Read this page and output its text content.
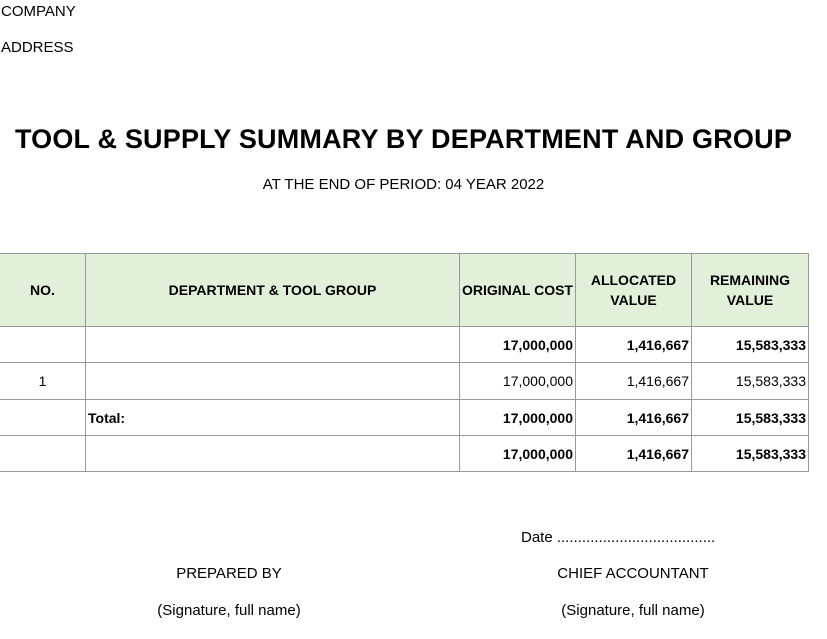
COMPANY
ADDRESS
TOOL & SUPPLY SUMMARY BY DEPARTMENT AND GROUP
AT THE END OF PERIOD: 04 YEAR 2022
NO.	DEPARTMENT & TOOL GROUP	ORIGINAL COST	ALLOCATED VALUE	REMAINING VALUE
		17,000,000	1,416,667	15,583,333
1		17,000,000	1,416,667	15,583,333
	Total:	17,000,000	1,416,667	15,583,333
		17,000,000	1,416,667	15,583,333
Date ......................................
PREPARED BY
(Signature, full name)
CHIEF ACCOUNTANT
(Signature, full name)
